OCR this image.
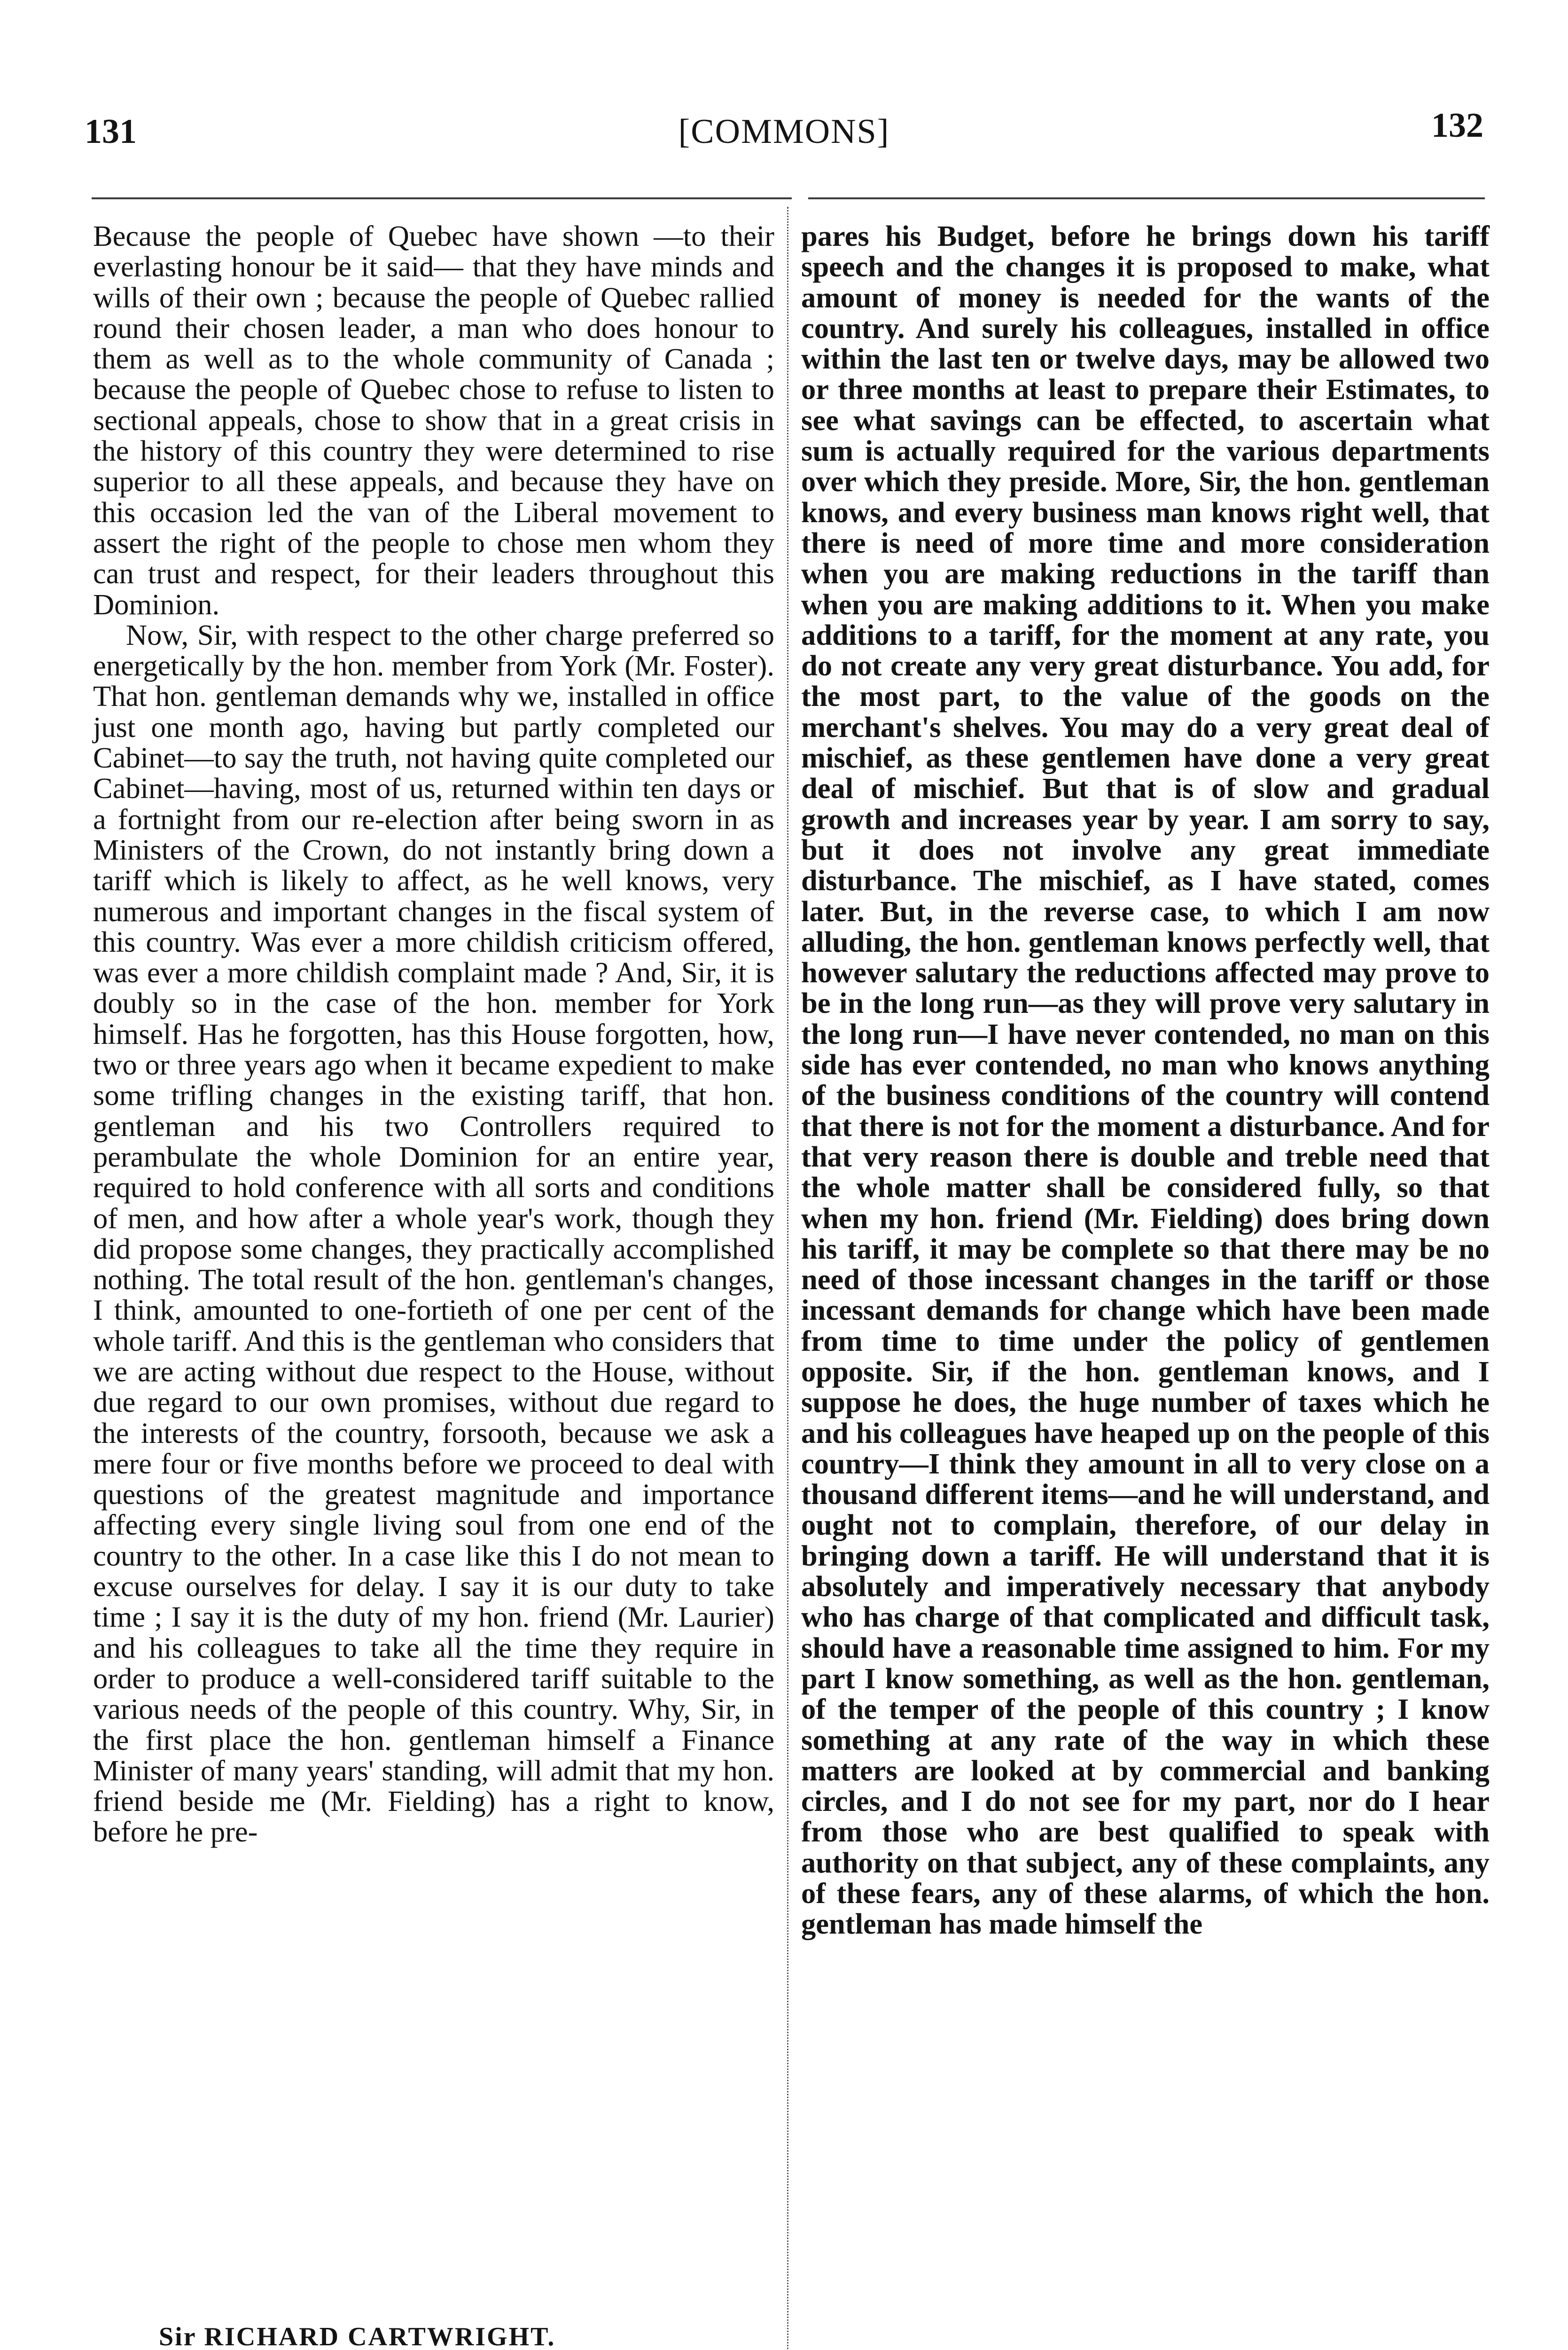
131	[COMMONS]	132

Because the people of Quebec have shown —to their everlasting honour be it said— that they have minds and wills of their own ; because the people of Quebec rallied round their chosen leader, a man who does honour to them as well as to the whole community of Canada ; because the people of Quebec chose to refuse to listen to sectional appeals, chose to show that in a great crisis in the history of this country they were determined to rise superior to all these appeals, and because they have on this occasion led the van of the Liberal movement to assert the right of the people to chose men whom they can trust and respect, for their leaders throughout this Dominion.

Now, Sir, with respect to the other charge preferred so energetically by the hon. member from York (Mr. Foster). That hon. gentleman demands why we, installed in office just one month ago, having but partly completed our Cabinet—to say the truth, not having quite completed our Cabinet—having, most of us, returned within ten days or a fortnight from our re-election after being sworn in as Ministers of the Crown, do not instantly bring down a tariff which is likely to affect, as he well knows, very numerous and important changes in the fiscal system of this country. Was ever a more childish criticism offered, was ever a more childish complaint made ? And, Sir, it is doubly so in the case of the hon. member for York himself. Has he forgotten, has this House forgotten, how, two or three years ago when it became expedient to make some trifling changes in the existing tariff, that hon. gentleman and his two Controllers required to perambulate the whole Dominion for an entire year, required to hold conference with all sorts and conditions of men, and how after a whole year's work, though they did propose some changes, they practically accomplished nothing. The total result of the hon. gentleman's changes, I think, amounted to one-fortieth of one per cent of the whole tariff. And this is the gentleman who considers that we are acting without due respect to the House, without due regard to our own promises, without due regard to the interests of the country, forsooth, because we ask a mere four or five months before we proceed to deal with questions of the greatest magnitude and importance affecting every single living soul from one end of the country to the other. In a case like this I do not mean to excuse ourselves for delay. I say it is our duty to take time ; I say it is the duty of my hon. friend (Mr. Laurier) and his colleagues to take all the time they require in order to produce a well-considered tariff suitable to the various needs of the people of this country. Why, Sir, in the first place the hon. gentleman himself a Finance Minister of many years' standing, will admit that my hon. friend beside me (Mr. Fielding) has a right to know, before he pre-

pares his Budget, before he brings down his tariff speech and the changes it is proposed to make, what amount of money is needed for the wants of the country. And surely his colleagues, installed in office within the last ten or twelve days, may be allowed two or three months at least to prepare their Estimates, to see what savings can be effected, to ascertain what sum is actually required for the various departments over which they preside. More, Sir, the hon. gentleman knows, and every business man knows right well, that there is need of more time and more consideration when you are making reductions in the tariff than when you are making additions to it. When you make additions to a tariff, for the moment at any rate, you do not create any very great disturbance. You add, for the most part, to the value of the goods on the merchant's shelves. You may do a very great deal of mischief, as these gentlemen have done a very great deal of mischief. But that is of slow and gradual growth and increases year by year. I am sorry to say, but it does not involve any great immediate disturbance. The mischief, as I have stated, comes later. But, in the reverse case, to which I am now alluding, the hon. gentleman knows perfectly well, that however salutary the reductions affected may prove to be in the long run—as they will prove very salutary in the long run—I have never contended, no man on this side has ever contended, no man who knows anything of the business conditions of the country will contend that there is not for the moment a disturbance. And for that very reason there is double and treble need that the whole matter shall be considered fully, so that when my hon. friend (Mr. Fielding) does bring down his tariff, it may be complete so that there may be no need of those incessant changes in the tariff or those incessant demands for change which have been made from time to time under the policy of gentlemen opposite. Sir, if the hon. gentleman knows, and I suppose he does, the huge number of taxes which he and his colleagues have heaped up on the people of this country—I think they amount in all to very close on a thousand different items—and he will understand, and ought not to complain, therefore, of our delay in bringing down a tariff. He will understand that it is absolutely and imperatively necessary that anybody who has charge of that complicated and difficult task, should have a reasonable time assigned to him. For my part I know something, as well as the hon. gentleman, of the temper of the people of this country ; I know something at any rate of the way in which these matters are looked at by commercial and banking circles, and I do not see for my part, nor do I hear from those who are best qualified to speak with authority on that subject, any of these complaints, any of these fears, any of these alarms, of which the hon. gentleman has made himself the

Sir RICHARD CARTWRIGHT.
